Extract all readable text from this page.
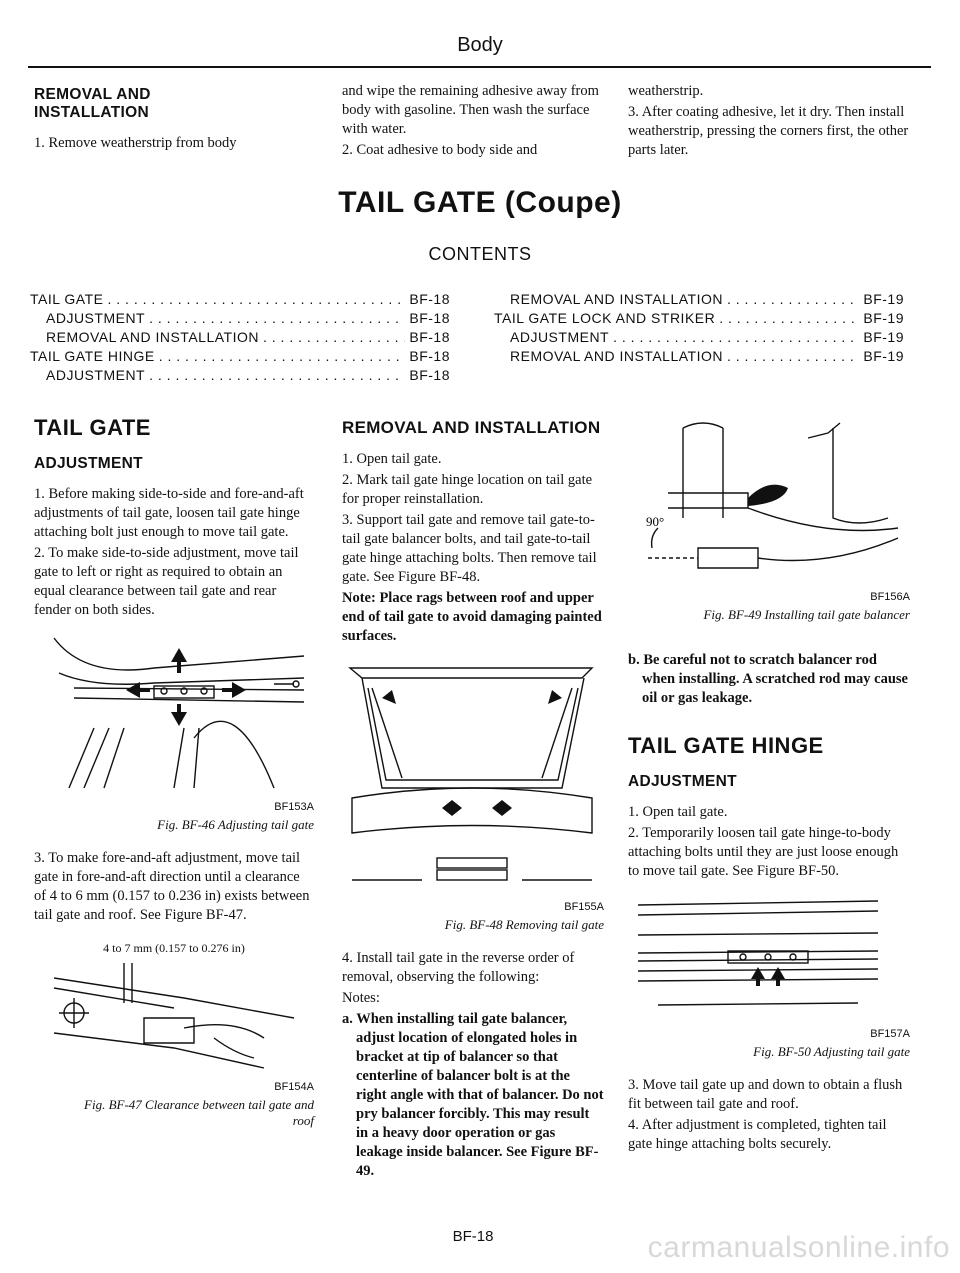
Body
REMOVAL AND INSTALLATION

1. Remove weatherstrip from body

and wipe the remaining adhesive away from body with gasoline. Then wash the surface with water.

2. Coat adhesive to body side and

weatherstrip.

3. After coating adhesive, let it dry. Then install weatherstrip, pressing the corners first, the other parts later.

TAIL GATE (Coupe)
CONTENTS
TAIL GATE . . .	BF-18
ADJUSTMENT . . .	BF-18
REMOVAL AND INSTALLATION . . .	BF-18
TAIL GATE HINGE . . .	BF-18
ADJUSTMENT . . .	BF-18
REMOVAL AND INSTALLATION . . .	BF-19
TAIL GATE LOCK AND STRIKER . . .	BF-19
ADJUSTMENT . . .	BF-19
REMOVAL AND INSTALLATION . . .	BF-19
TAIL GATE
ADJUSTMENT

1. Before making side-to-side and fore-and-aft adjustments of tail gate, loosen tail gate hinge attaching bolt just enough to move tail gate.

2. To make side-to-side adjustment, move tail gate to left or right as required to obtain an equal clearance between tail gate and rear fender on both sides.

BF153A
Fig. BF-46 Adjusting tail gate

3. To make fore-and-aft adjustment, move tail gate in fore-and-aft direction until a clearance of 4 to 6 mm (0.157 to 0.236 in) exists between tail gate and roof. See Figure BF-47.

4 to 7 mm (0.157 to 0.276 in)
BF154A
Fig. BF-47 Clearance between tail gate and roof
REMOVAL AND INSTALLATION

1. Open tail gate.

2. Mark tail gate hinge location on tail gate for proper reinstallation.

3. Support tail gate and remove tail gate-to-tail gate balancer bolts, and tail gate-to-tail gate hinge attaching bolts. Then remove tail gate. See Figure BF-48.

Note: Place rags between roof and upper end of tail gate to avoid damaging painted surfaces.

BF155A
Fig. BF-48 Removing tail gate

4. Install tail gate in the reverse order of removal, observing the following:

Notes:

a. When installing tail gate balancer, adjust location of elongated holes in bracket at tip of balancer so that centerline of balancer bolt is at the right angle with that of balancer. Do not pry balancer forcibly. This may result in a heavy door operation or gas leakage inside balancer. See Figure BF-49.

BF-18
90°
BF156A
Fig. BF-49 Installing tail gate balancer

b. Be careful not to scratch balancer rod when installing. A scratched rod may cause oil or gas leakage.

TAIL GATE HINGE
ADJUSTMENT

1. Open tail gate.

2. Temporarily loosen tail gate hinge-to-body attaching bolts until they are just loose enough to move tail gate. See Figure BF-50.

BF157A
Fig. BF-50 Adjusting tail gate

3. Move tail gate up and down to obtain a flush fit between tail gate and roof.

4. After adjustment is completed, tighten tail gate hinge attaching bolts securely.

carmanualsonline.info
